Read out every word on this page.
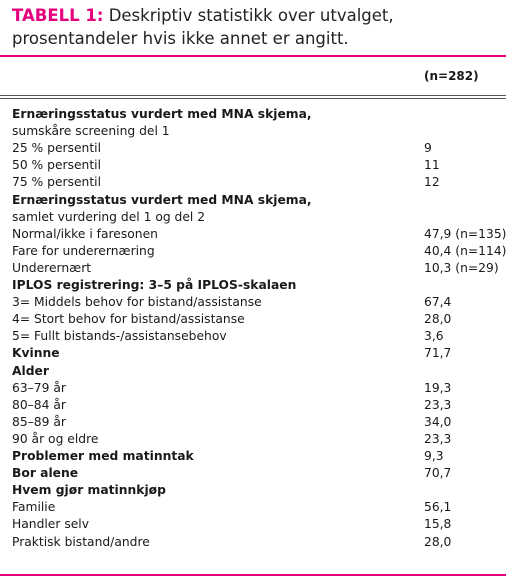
TABELL 1: Deskriptiv statistikk over utvalget, prosentandeler hvis ikke annet er angitt.
(n=282)
Ernæringsstatus vurdert med MNA skjema,
sumskåre screening del 1
25 % persentil	9
50 % persentil	11
75 % persentil	12
Ernæringsstatus vurdert med MNA skjema,
samlet vurdering del 1 og del 2
Normal/ikke i faresonen	47,9 (n=135)
Fare for underernæring	40,4 (n=114)
Underernært	10,3 (n=29)
IPLOS registrering: 3–5 på IPLOS-skalaen
3= Middels behov for bistand/assistanse	67,4
4= Stort behov for bistand/assistanse	28,0
5= Fullt bistands-/assistansebehov	3,6
Kvinne	71,7
Alder
63–79 år	19,3
80–84 år	23,3
85–89 år	34,0
90 år og eldre	23,3
Problemer med matinntak	9,3
Bor alene	70,7
Hvem gjør matinnkjøp
Familie	56,1
Handler selv	15,8
Praktisk bistand/andre	28,0
